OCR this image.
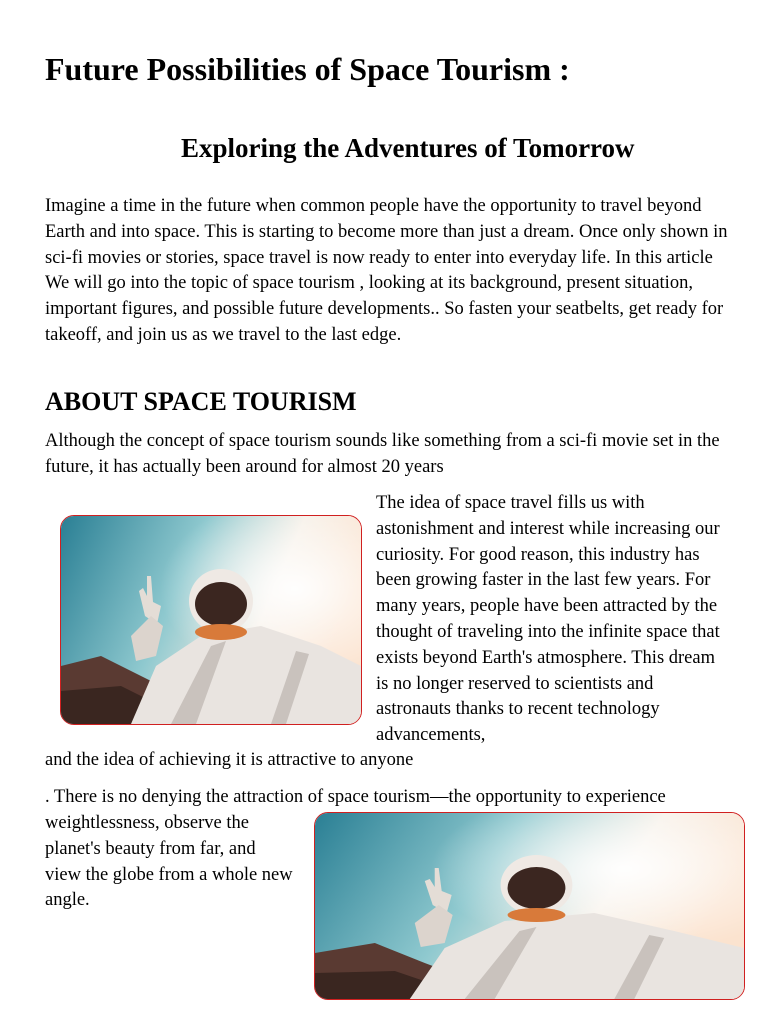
Future Possibilities of Space Tourism :
Exploring the Adventures of Tomorrow

Imagine a time in the future when common people have the opportunity to travel beyond Earth and into space. This is starting to become more than just a dream. Once only shown in sci-fi movies or stories, space travel is now ready to enter into everyday life. In this article We will go into the topic of space tourism , looking at its background, present situation, important figures, and possible future developments.. So fasten your seatbelts, get ready for takeoff, and join us as we travel to the last edge.

ABOUT SPACE TOURISM

Although the concept of space tourism sounds like something from a sci-fi movie set in the future, it has actually been around for almost 20 years

The idea of space travel fills us with astonishment and interest while increasing our curiosity. For good reason, this industry has been growing faster in the last few years. For many years, people have been attracted by the thought of traveling into the infinite space that exists beyond Earth's atmosphere. This dream is no longer reserved to scientists and astronauts thanks to recent technology advancements,

and the idea of achieving it is attractive to anyone

. There is no denying the attraction of space tourism—the opportunity to experience

weightlessness, observe the planet's beauty from far, and view the globe from a whole new angle.
